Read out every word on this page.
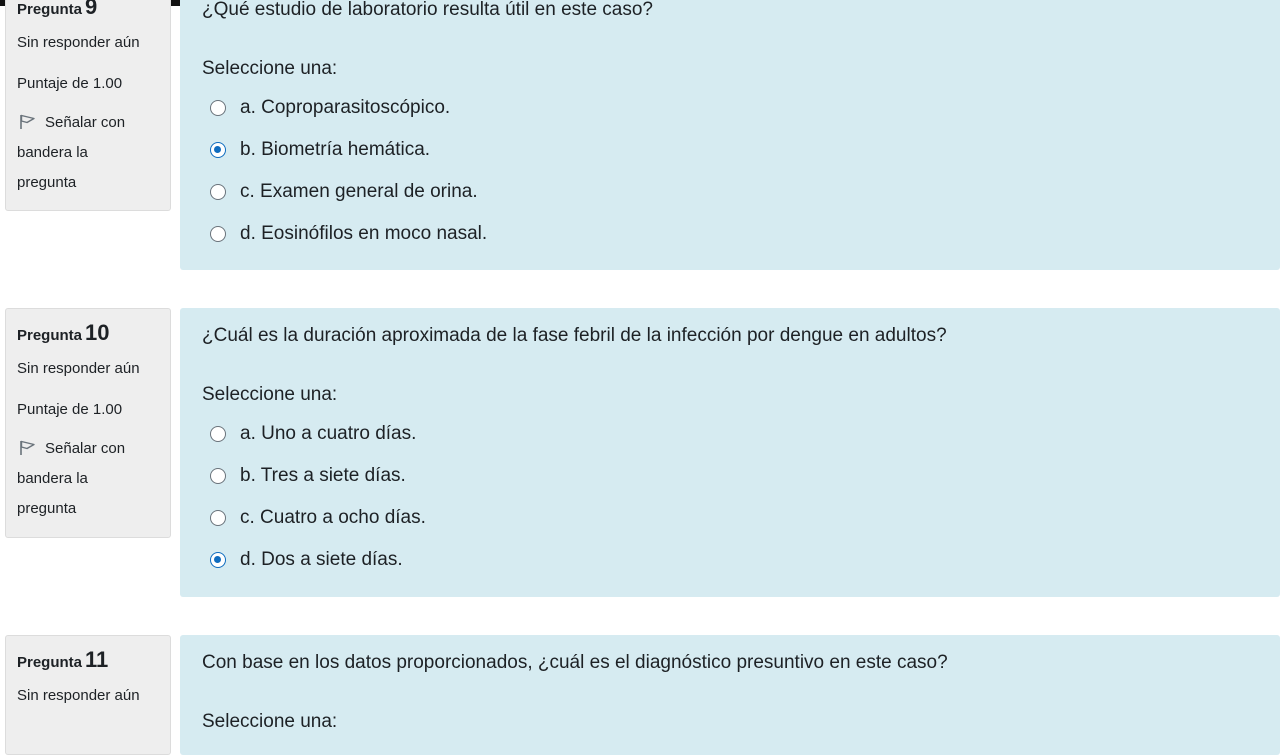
Pregunta 9
Sin responder aún
Puntaje de 1.00
Señalar con
bandera la
pregunta
¿Qué estudio de laboratorio resulta útil en este caso?
Seleccione una:
a. Coproparasitoscópico.
b. Biometría hemática.
c. Examen general de orina.
d. Eosinófilos en moco nasal.
Pregunta 10
Sin responder aún
Puntaje de 1.00
Señalar con
bandera la
pregunta
¿Cuál es la duración aproximada de la fase febril de la infección por dengue en adultos?
Seleccione una:
a. Uno a cuatro días.
b. Tres a siete días.
c. Cuatro a ocho días.
d. Dos a siete días.
Pregunta 11
Sin responder aún
Con base en los datos proporcionados, ¿cuál es el diagnóstico presuntivo en este caso?
Seleccione una:
